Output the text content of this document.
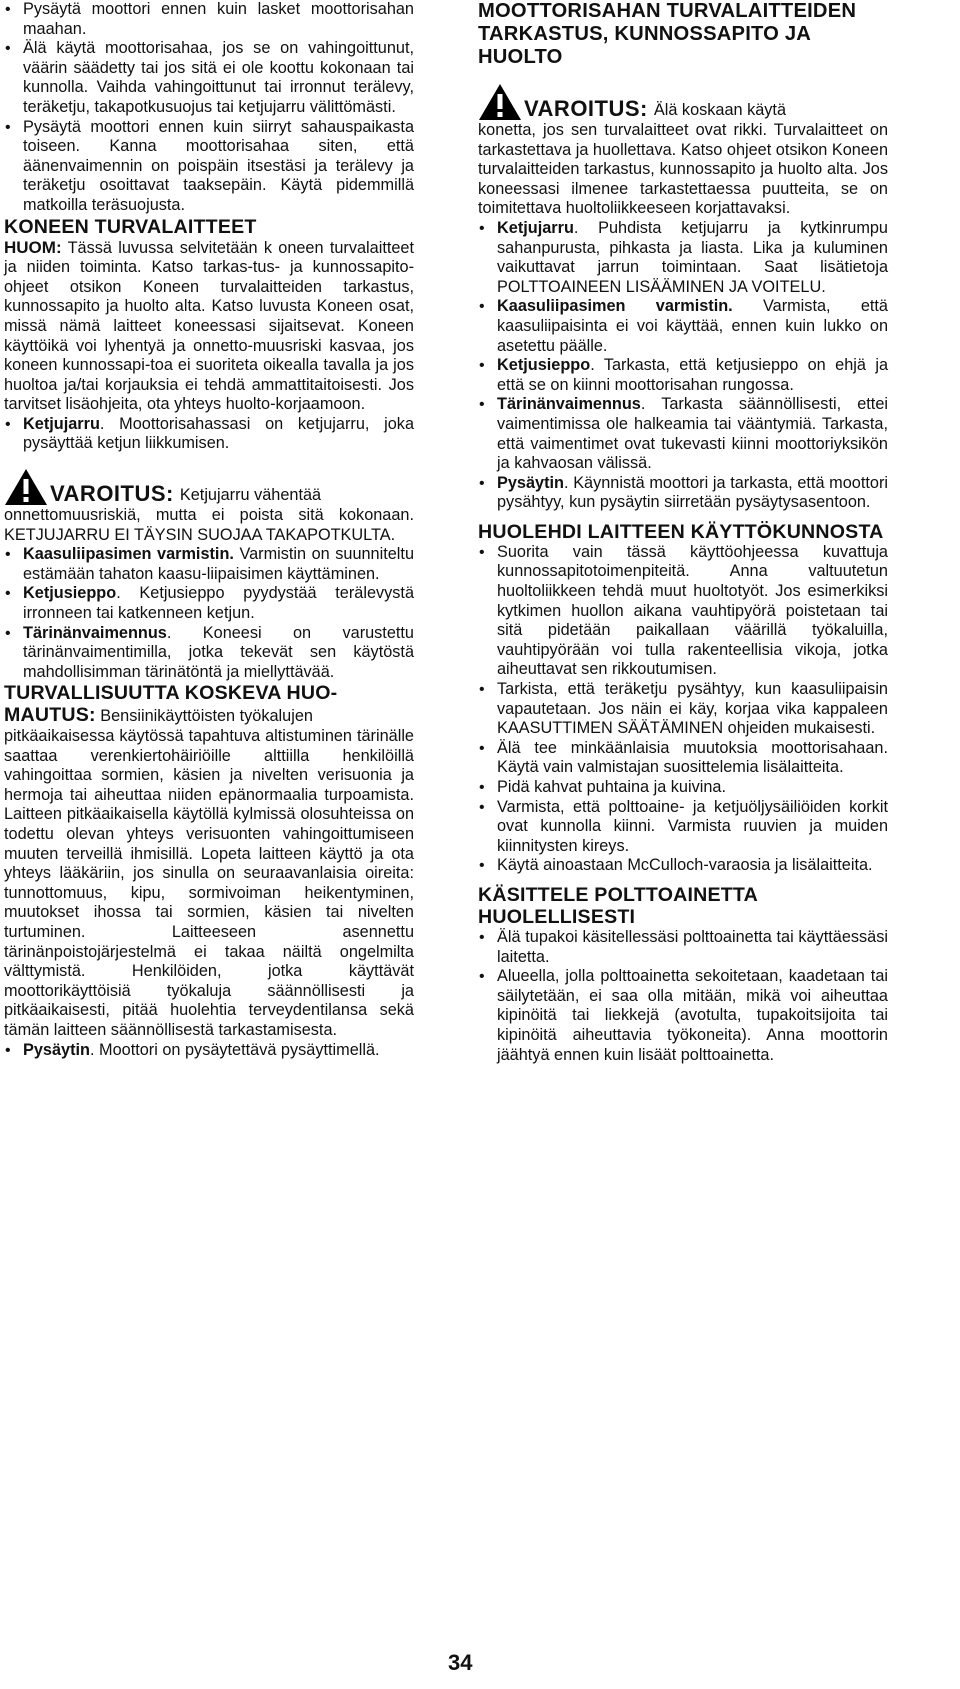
• Pysäytä moottori ennen kuin lasket moottorisahan maahan.

• Älä käytä moottorisahaa, jos se on vahingoittunut, väärin säädetty tai jos sitä ei ole koottu kokonaan tai kunnolla. Vaihda vahingoittunut tai irronnut terälevy, teräketju, takapotkusuojus tai ketjujarru välittömästi.

• Pysäytä moottori ennen kuin siirryt sahauspaikasta toiseen. Kanna moottorisahaa siten, että äänenvaimennin on poispäin itsestäsi ja terälevy ja teräketju osoittavat taaksepäin. Käytä pidemmillä matkoilla teräsuojusta.

KONEEN TURVALAITTEET

HUOM: Tässä luvussa selvitetään k oneen turvalaitteet ja niiden toiminta. Katso tarkas-tus- ja kunnossapito-ohjeet otsikon Koneen turvalaitteiden tarkastus, kunnossapito ja huolto alta. Katso luvusta Koneen osat, missä nämä laitteet koneessasi sijaitsevat. Koneen käyttöikä voi lyhentyä ja onnetto-muusriski kasvaa, jos koneen kunnossapi-toa ei suoriteta oikealla tavalla ja jos huoltoa ja/tai korjauksia ei tehdä ammattitaitoisesti. Jos tarvitset lisäohjeita, ota yhteys huolto-korjaamoon.

• Ketjujarru. Moottorisahassasi on ketjujarru, joka pysäyttää ketjun liikkumisen.

VAROITUS: Ketjujarru vähentää

onnettomuusriskiä, mutta ei poista sitä kokonaan. KETJUJARRU EI TÄYSIN SUOJAA TAKAPOTKULTA.

• Kaasuliipasimen varmistin. Varmistin on suunniteltu estämään tahaton kaasu-liipaisimen käyttäminen.

• Ketjusieppo. Ketjusieppo pyydystää terälevystä irronneen tai katkenneen ketjun.

• Tärinänvaimennus. Koneesi on varustettu tärinänvaimentimilla, jotka tekevät sen käytöstä mahdollisimman tärinätöntä ja miellyttävää.

TURVALLISUUTTA KOSKEVA HUO-

MAUTUS: Bensiinikäyttöisten työkalujen

pitkäaikaisessa käytössä tapahtuva altistuminen tärinälle saattaa verenkiertohäiriöille alttiilla henkilöillä vahingoittaa sormien, käsien ja nivelten verisuonia ja hermoja tai aiheuttaa niiden epänormaalia turpoamista. Laitteen pitkäaikaisella käytöllä kylmissä olosuhteissa on todettu olevan yhteys verisuonten vahingoittumiseen muuten terveillä ihmisillä. Lopeta laitteen käyttö ja ota yhteys lääkäriin, jos sinulla on seuraavanlaisia oireita: tunnottomuus, kipu, sormivoiman heikentyminen, muutokset ihossa tai sormien, käsien tai nivelten turtuminen. Laitteeseen asennettu tärinänpoistojärjestelmä ei takaa näiltä ongelmilta välttymistä. Henkilöiden, jotka käyttävät moottorikäyttöisiä työkaluja säännöllisesti ja pitkäaikaisesti, pitää huolehtia terveydentilansa sekä tämän laitteen säännöllisestä tarkastamisesta.

• Pysäytin. Moottori on pysäytettävä pysäyttimellä.

MOOTTORISAHAN TURVALAITTEIDEN TARKASTUS, KUNNOSSAPITO JA HUOLTO
VAROITUS: Älä koskaan käytä

konetta, jos sen turvalaitteet ovat rikki. Turvalaitteet on tarkastettava ja huollettava. Katso ohjeet otsikon Koneen turvalaitteiden tarkastus, kunnossapito ja huolto alta. Jos koneessasi ilmenee tarkastettaessa puutteita, se on toimitettava huoltoliikkeeseen korjattavaksi.

• Ketjujarru. Puhdista ketjujarru ja kytkinrumpu sahanpurusta, pihkasta ja liasta. Lika ja kuluminen vaikuttavat jarrun toimintaan. Saat lisätietoja POLTTOAINEEN LISÄÄMINEN JA VOITELU.

• Kaasuliipasimen varmistin. Varmista, että kaasuliipaisinta ei voi käyttää, ennen kuin lukko on asetettu päälle.

• Ketjusieppo. Tarkasta, että ketjusieppo on ehjä ja että se on kiinni moottorisahan rungossa.

• Tärinänvaimennus. Tarkasta säännöllisesti, ettei vaimentimissa ole halkeamia tai vääntymiä. Tarkasta, että vaimentimet ovat tukevasti kiinni moottoriyksikön ja kahvaosan välissä.

• Pysäytin. Käynnistä moottori ja tarkasta, että moottori pysähtyy, kun pysäytin siirretään pysäytysasentoon.

HUOLEHDI LAITTEEN KÄYTTÖKUNNOSTA

• Suorita vain tässä käyttöohjeessa kuvattuja kunnossapitotoimenpiteitä. Anna valtuutetun huoltoliikkeen tehdä muut huoltotyöt. Jos esimerkiksi kytkimen huollon aikana vauhtipyörä poistetaan tai sitä pidetään paikallaan väärillä työkaluilla, vauhtipyörään voi tulla rakenteellisia vikoja, jotka aiheuttavat sen rikkoutumisen.

• Tarkista, että teräketju pysähtyy, kun kaasuliipaisin vapautetaan. Jos näin ei käy, korjaa vika kappaleen KAASUTTIMEN SÄÄTÄMINEN ohjeiden mukaisesti.

• Älä tee minkäänlaisia muutoksia moottorisahaan. Käytä vain valmistajan suosittelemia lisälaitteita.

• Pidä kahvat puhtaina ja kuivina.

• Varmista, että polttoaine- ja ketjuöljysäiliöiden korkit ovat kunnolla kiinni. Varmista ruuvien ja muiden kiinnitysten kireys.

• Käytä ainoastaan McCulloch-varaosia ja lisälaitteita.

KÄSITTELE POLTTOAINETTA HUOLELLISESTI

• Älä tupakoi käsitellessäsi polttoainetta tai käyttäessäsi laitetta.

• Alueella, jolla polttoainetta sekoitetaan, kaadetaan tai säilytetään, ei saa olla mitään, mikä voi aiheuttaa kipinöitä tai liekkejä (avotulta, tupakoitsijoita tai kipinöitä aiheuttavia työkoneita). Anna moottorin jäähtyä ennen kuin lisäät polttoainetta.

34
